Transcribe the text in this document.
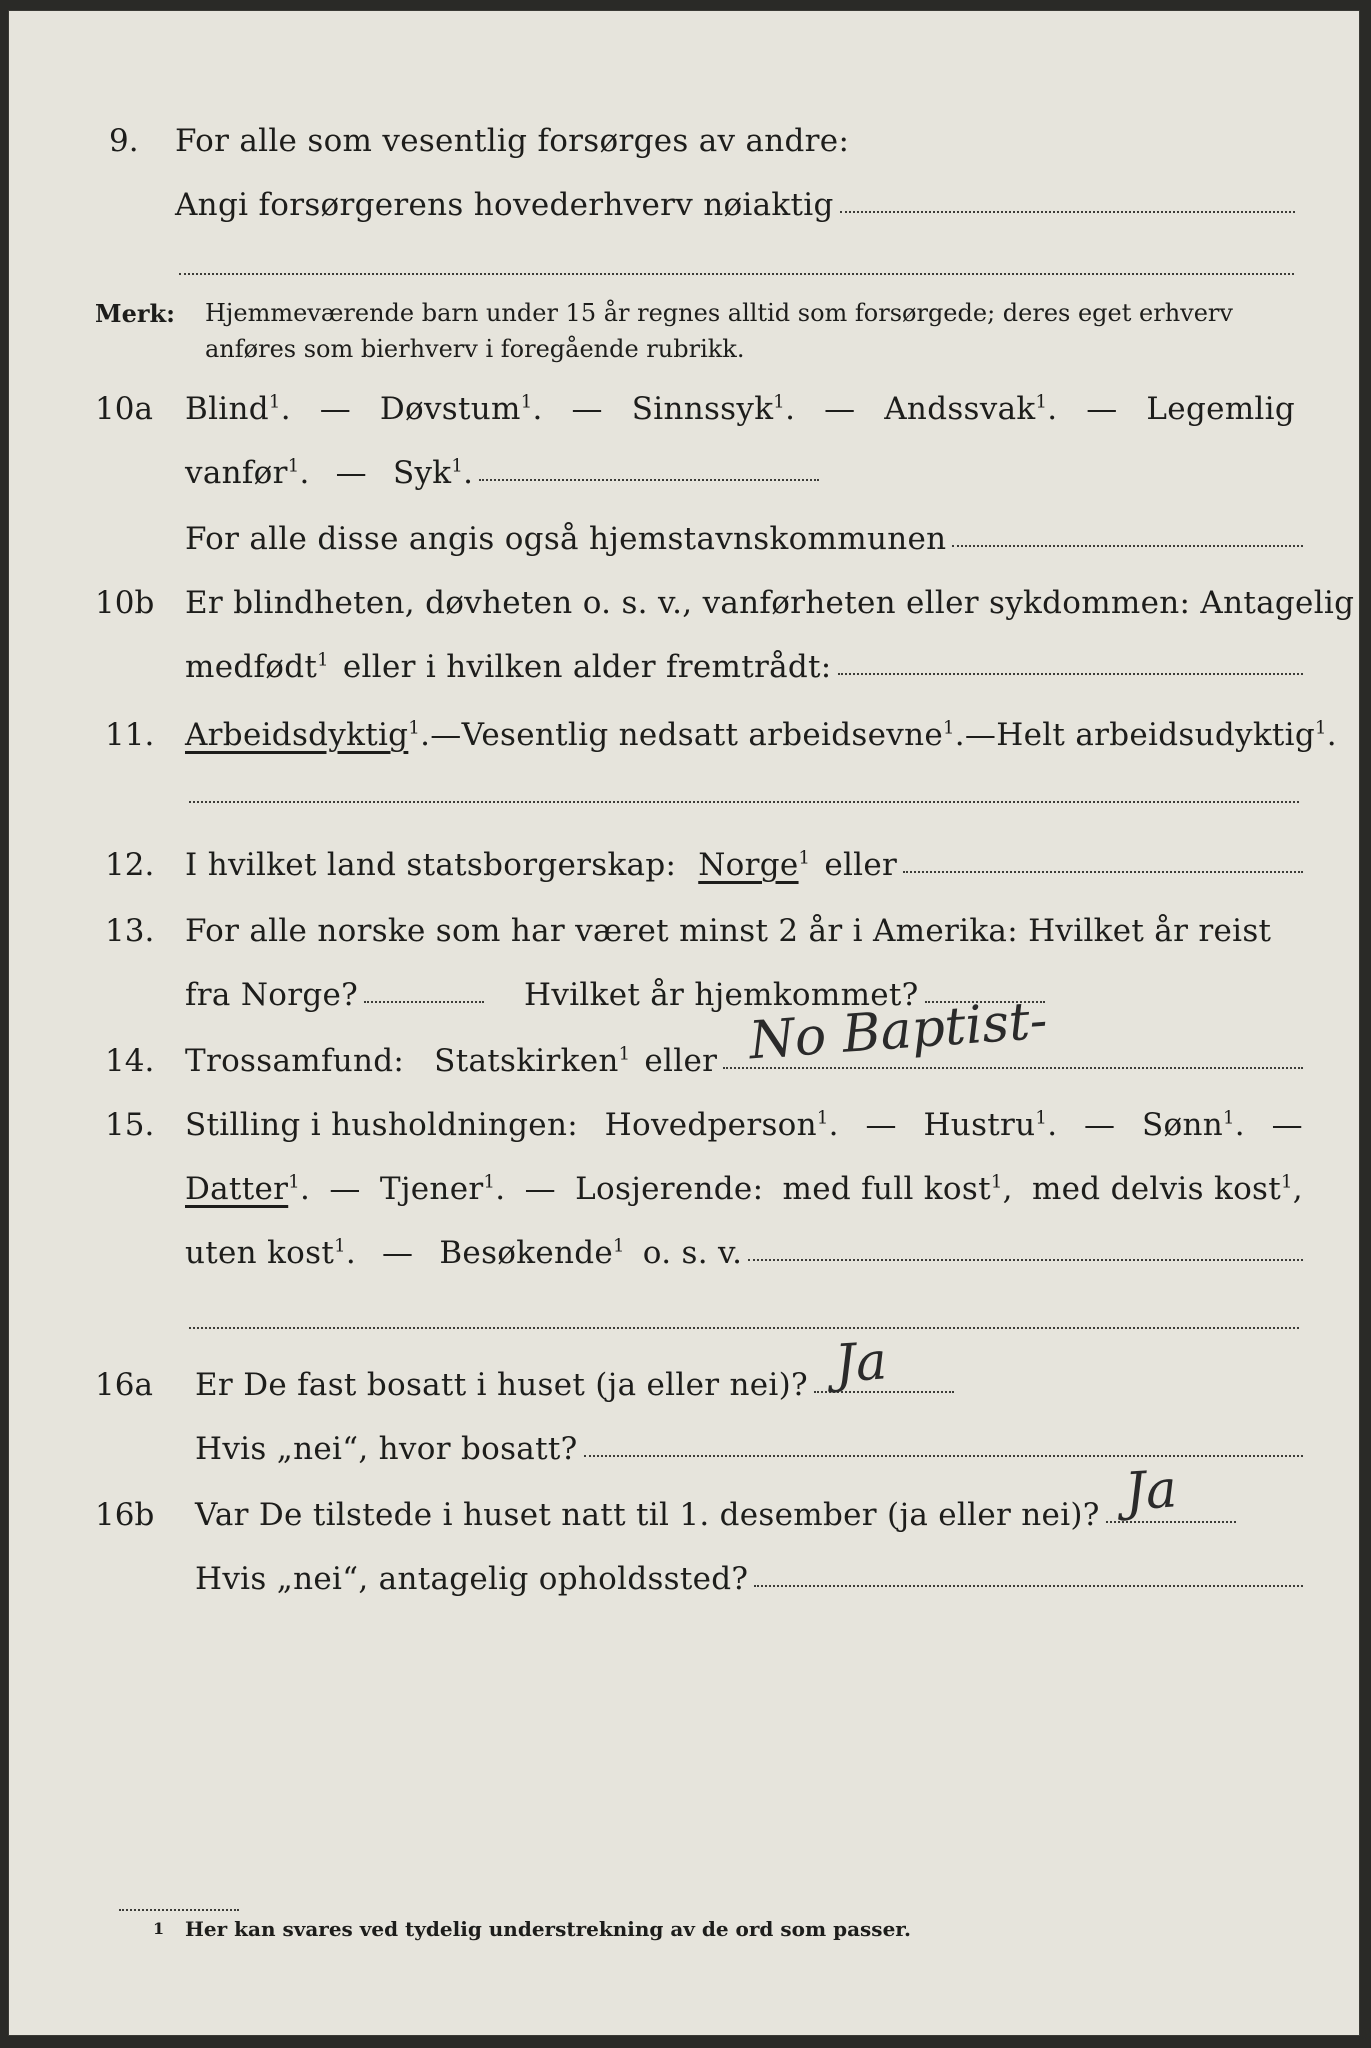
9. For alle som vesentlig forsørges av andre:
Angi forsørgerens hovederhverv nøiaktig
Merk: Hjemmeværende barn under 15 år regnes alltid som forsørgede; deres eget erhverv
anføres som bierhverv i foregående rubrikk.
10a Blind$^1$. — Døvstum$^1$. — Sinnssyk$^1$. — Andssvak$^1$. — Legemlig
vanfør$^1$. — Syk$^1$.
For alle disse angis også hjemstavnskommunen
10b Er blindheten, døvheten o. s. v., vanførheten eller sykdommen: Antagelig
medfødt$^1$ eller i hvilken alder fremtrådt:
11. Arbeidsdyktig$^1$. — Vesentlig nedsatt arbeidsevne$^1$. — Helt arbeidsudyktig$^1$.
12. I hvilket land statsborgerskap: Norge$^1$ eller
13. For alle norske som har været minst 2 år i Amerika: Hvilket år reist
fra Norge?	Hvilket år hjemkommet?
14. Trossamfund: Statskirken$^1$ eller No Baptist-
15. Stilling i husholdningen: Hovedperson$^1$. — Hustru$^1$. — Sønn$^1$. —
Datter$^1$. — Tjener$^1$. — Losjerende: med full kost$^1$, med delvis kost$^1$,
uten kost$^1$. — Besøkende$^1$ o. s. v.
16a Er De fast bosatt i huset (ja eller nei)? Ja
Hvis „nei“, hvor bosatt?
16b Var De tilstede i huset natt til 1. desember (ja eller nei)? Ja
Hvis „nei“, antagelig opholdssted?
1 Her kan svares ved tydelig understrekning av de ord som passer.
